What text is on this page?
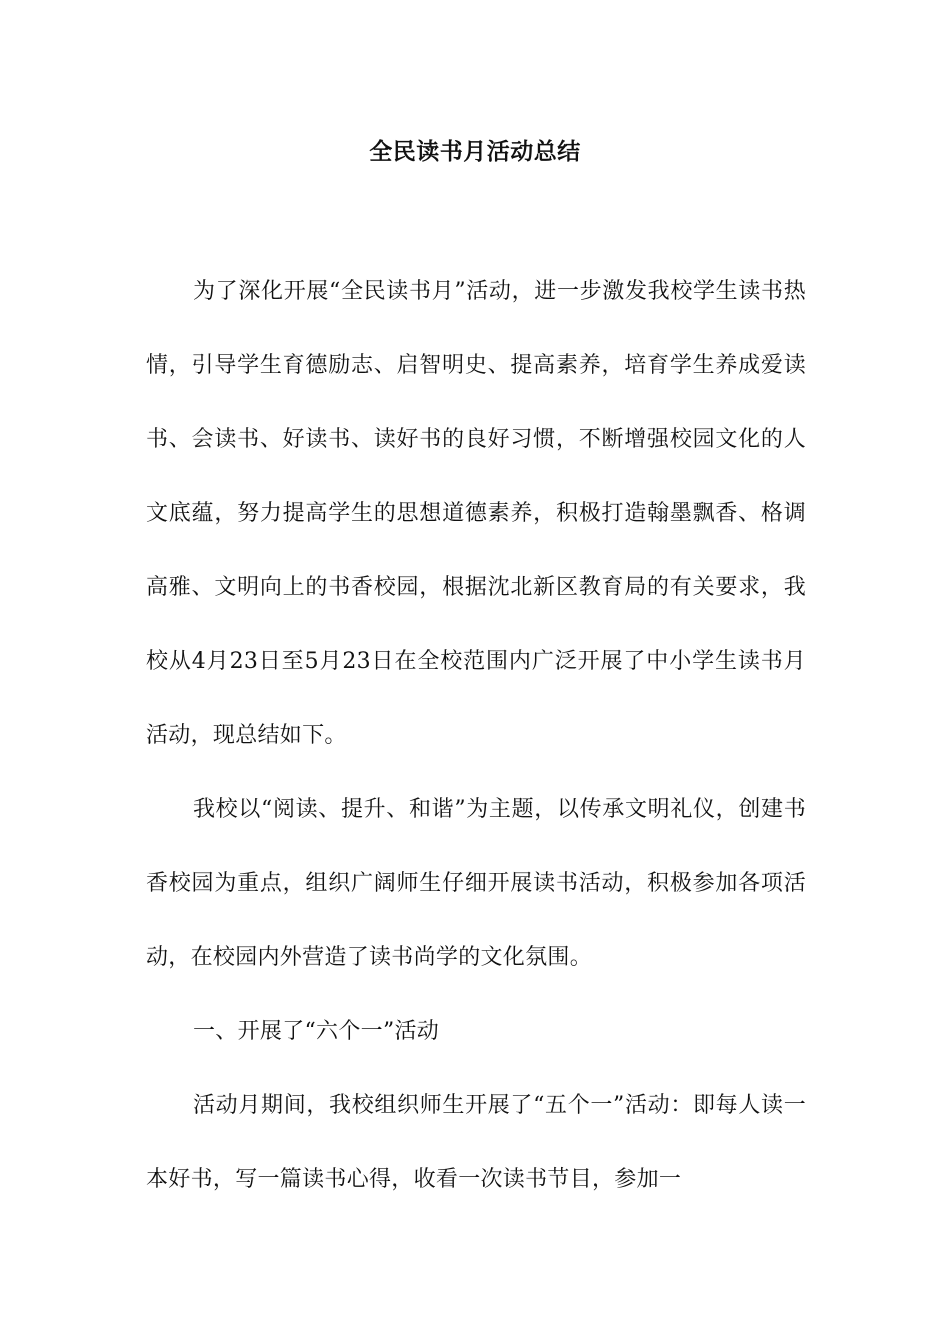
全民读书月活动总结

为了深化开展“全民读书月”活动，进一步激发我校学生读书热情，引导学生育德励志、启智明史、提高素养，培育学生养成爱读书、会读书、好读书、读好书的良好习惯，不断增强校园文化的人文底蕴，努力提高学生的思想道德素养，积极打造翰墨飘香、格调高雅、文明向上的书香校园，根据沈北新区教育局的有关要求，我校从4月23日至5月23日在全校范围内广泛开展了中小学生读书月活动，现总结如下。

我校以“阅读、提升、和谐”为主题，以传承文明礼仪，创建书香校园为重点，组织广阔师生仔细开展读书活动，积极参加各项活动，在校园内外营造了读书尚学的文化氛围。

一、开展了“六个一”活动

活动月期间，我校组织师生开展了“五个一”活动：即每人读一本好书，写一篇读书心得，收看一次读书节目，参加一
